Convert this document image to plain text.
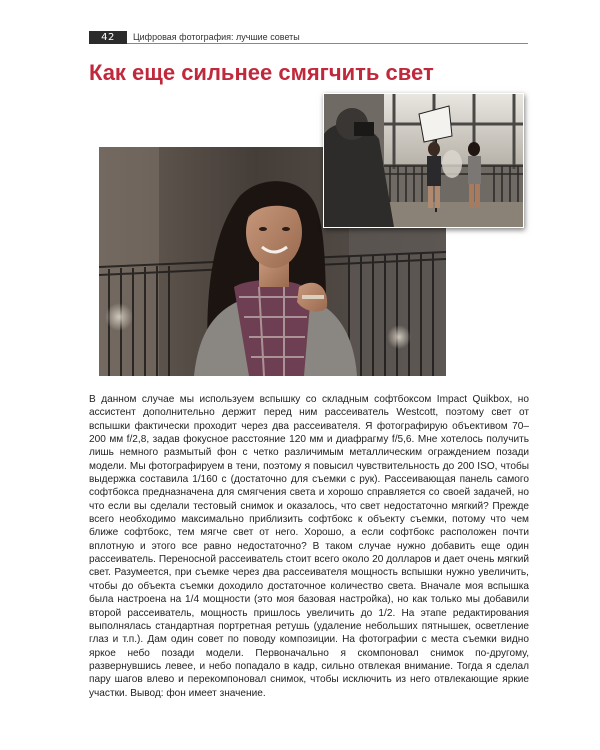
42	Цифровая фотография: лучшие советы
Как еще сильнее смягчить свет

В данном случае мы используем вспышку со складным софтбоксом Impact Quikbox, но ассистент дополнительно держит перед ним рассеиватель Westcott, поэтому свет от вспышки фактически проходит через два рассеивателя. Я фотографирую объективом 70–200 мм f/2,8, задав фокусное расстояние 120 мм и диафрагму f/5,6. Мне хотелось получить лишь немного размытый фон с четко различимым металлическим ограждением позади модели. Мы фотографируем в тени, поэтому я повысил чувствительность до 200 ISO, чтобы выдержка составила 1/160 с (достаточно для съемки с рук). Рассеивающая панель самого софтбокса предназначена для смягчения света и хорошо справляется со своей задачей, но что если вы сделали тестовый снимок и оказалось, что свет недостаточно мягкий? Прежде всего необходимо максимально приблизить софтбокс к объекту съемки, потому что чем ближе софтбокс, тем мягче свет от него. Хорошо, а если софтбокс расположен почти вплотную и этого все равно недостаточно? В таком случае нужно добавить еще один рассеиватель. Переносной рассеиватель стоит всего около 20 долларов и дает очень мягкий свет. Разумеется, при съемке через два рассеивателя мощность вспышки нужно увеличить, чтобы до объекта съемки доходило достаточное количество света. Вначале моя вспышка была настроена на 1/4 мощности (это моя базовая настройка), но как только мы добавили второй рассеиватель, мощность пришлось увеличить до 1/2. На этапе редактирования выполнялась стандартная портретная ретушь (удаление небольших пятнышек, осветление глаз и т.п.). Дам один совет по поводу композиции. На фотографии с места съемки видно яркое небо позади модели. Первоначально я скомпоновал снимок по-другому, развернувшись левее, и небо попадало в кадр, сильно отвлекая внимание. Тогда я сделал пару шагов влево и перекомпоновал снимок, чтобы исключить из него отвлекающие яркие участки. Вывод: фон имеет значение.
